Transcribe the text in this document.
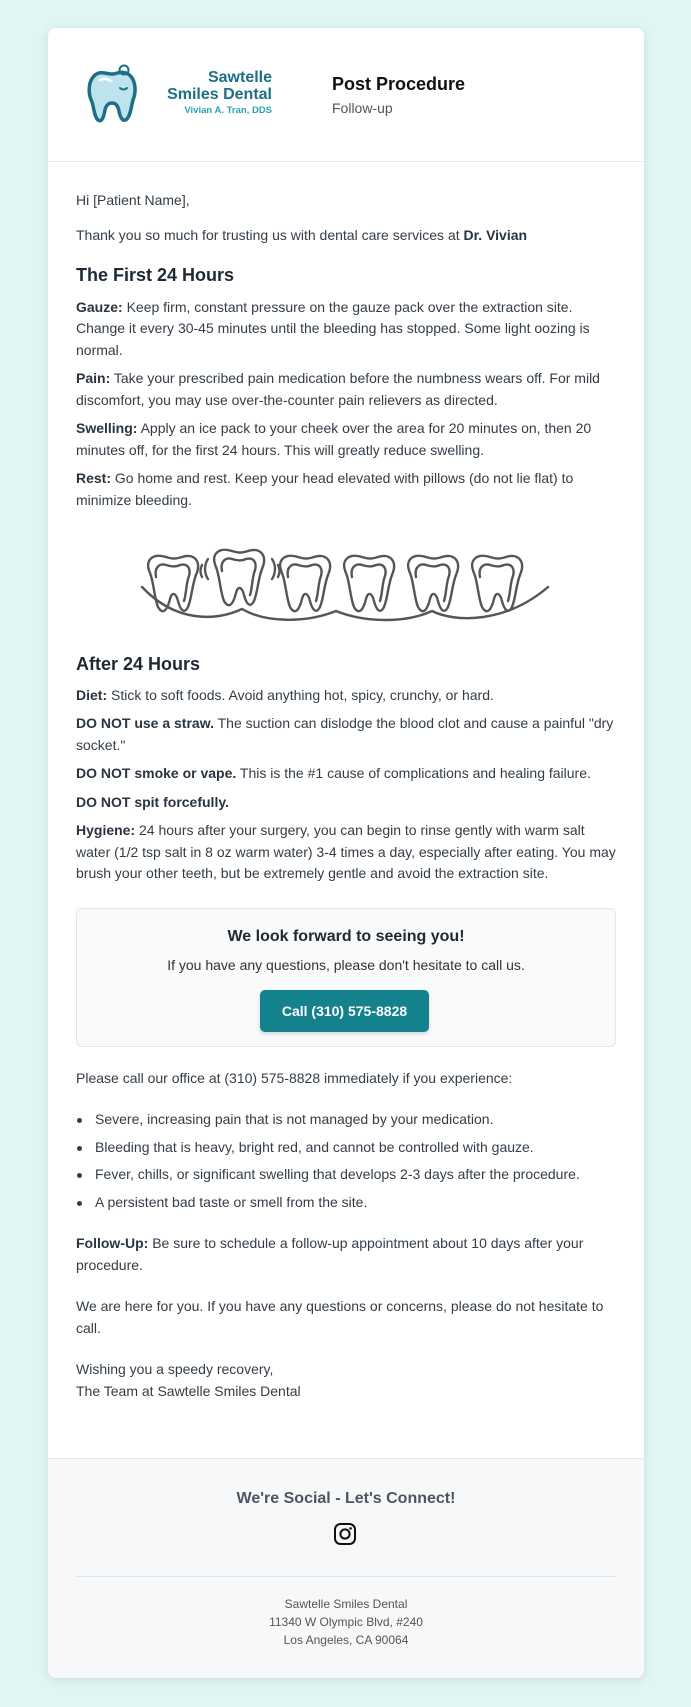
Sawtelle
Smiles Dental
Vivian A. Tran, DDS
Post Procedure
Follow-up

Hi [Patient Name],

Thank you so much for trusting us with dental care services at Dr. Vivian

The First 24 Hours

Gauze: Keep firm, constant pressure on the gauze pack over the extraction site. Change it every 30-45 minutes until the bleeding has stopped. Some light oozing is normal.

Pain: Take your prescribed pain medication before the numbness wears off. For mild discomfort, you may use over-the-counter pain relievers as directed.

Swelling: Apply an ice pack to your cheek over the area for 20 minutes on, then 20 minutes off, for the first 24 hours. This will greatly reduce swelling.

Rest: Go home and rest. Keep your head elevated with pillows (do not lie flat) to minimize bleeding.

After 24 Hours

Diet: Stick to soft foods. Avoid anything hot, spicy, crunchy, or hard.

DO NOT use a straw. The suction can dislodge the blood clot and cause a painful "dry socket."

DO NOT smoke or vape. This is the #1 cause of complications and healing failure.

DO NOT spit forcefully.

Hygiene: 24 hours after your surgery, you can begin to rinse gently with warm salt water (1/2 tsp salt in 8 oz warm water) 3-4 times a day, especially after eating. You may brush your other teeth, but be extremely gentle and avoid the extraction site.

We look forward to seeing you!
If you have any questions, please don't hesitate to call us.
Call (310) 575-8828

Please call our office at (310) 575-8828 immediately if you experience:

Severe, increasing pain that is not managed by your medication.
Bleeding that is heavy, bright red, and cannot be controlled with gauze.
Fever, chills, or significant swelling that develops 2-3 days after the procedure.
A persistent bad taste or smell from the site.

Follow-Up: Be sure to schedule a follow-up appointment about 10 days after your procedure.

We are here for you. If you have any questions or concerns, please do not hesitate to call.

Wishing you a speedy recovery,

The Team at Sawtelle Smiles Dental

We're Social - Let's Connect!
Sawtelle Smiles Dental
11340 W Olympic Blvd, #240
Los Angeles, CA 90064
